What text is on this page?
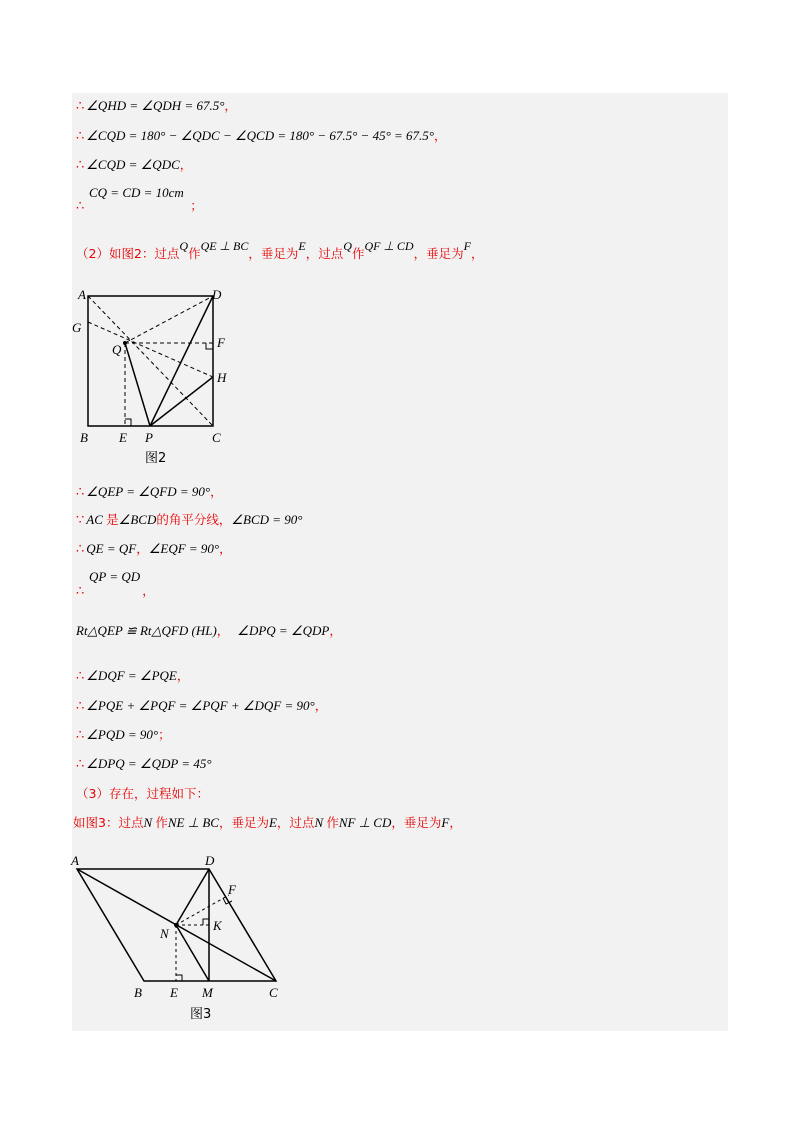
∴ ∠QHD = ∠QDH = 67.5°，
∴ ∠CQD = 180° − ∠QDC − ∠QCD = 180° − 67.5° − 45° = 67.5°，
∴ ∠CQD = ∠QDC，
CQ = CD = 10cm
∴	；
（2）如图2：过点Q作QE ⊥ BC，垂足为E，过点Q作QF ⊥ CD，垂足为F，
A	D
G
Q	F
H
B E P	C
图2
∴ ∠QEP = ∠QFD = 90°，
∵ AC 是∠BCD的角平分线，∠BCD = 90°
∴ QE = QF，∠EQF = 90°，
QP = QD
∴	，
Rt△QEP ≌ Rt△QFD (HL)， ∠DPQ = ∠QDP，
∴ ∠DQF = ∠PQE，
∴ ∠PQE + ∠PQF = ∠PQF + ∠DQF = 90°，
∴ ∠PQD = 90°；
∴ ∠DPQ = ∠QDP = 45°
（3）存在，过程如下：
如图3：过点N 作NE ⊥ BC，垂足为E，过点N 作NF ⊥ CD，垂足为F，
A	D
F
K
N
B E M	C
图3
